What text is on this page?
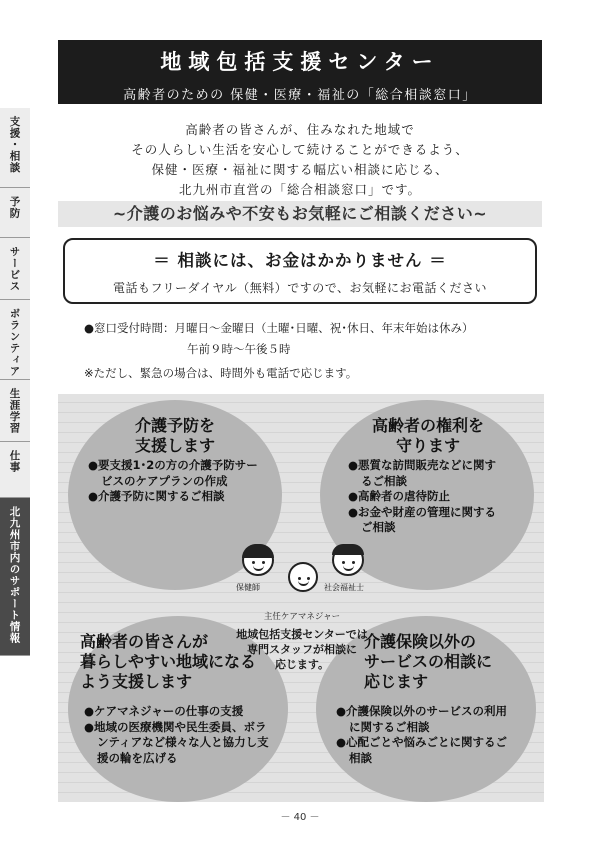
支援・相談
予防
サービス
ボランティア
生涯学習
仕事
北九州市内のサポート情報
地域包括支援センター
高齢者のための 保健・医療・福祉の「総合相談窓口」

高齢者の皆さんが、住みなれた地域で

その人らしい生活を安心して続けることができるよう、

保健・医療・福祉に関する幅広い相談に応じる、

北九州市直営の「総合相談窓口」です。

~介護のお悩みや不安もお気軽にご相談ください~
＝ 相談には、お金はかかりません ＝
電話もフリーダイヤル（無料）ですので、お気軽にお電話ください
●窓口受付時間：月曜日～金曜日（土曜･日曜、祝･休日、年末年始は休み）
午前９時～午後５時
※ただし、緊急の場合は、時間外も電話で応じます。
介護予防を
支援します
●要支援1･2の方の介護予防サービスのケアプランの作成
●介護予防に関するご相談
高齢者の権利を
守ります
●悪質な訪問販売などに関するご相談
●高齢者の虐待防止
●お金や財産の管理に関するご相談
保健師	社会福祉士
主任ケアマネジャー
地域包括支援センターでは
専門スタッフが相談に
応じます。
高齢者の皆さんが
暮らしやすい地域になる
よう支援します
●ケアマネジャーの仕事の支援
●地域の医療機関や民生委員、ボランティアなど様々な人と協力し支援の輪を広げる
介護保険以外の
サービスの相談に
応じます
●介護保険以外のサービスの利用に関するご相談
●心配ごとや悩みごとに関するご相談
－ 40 －
